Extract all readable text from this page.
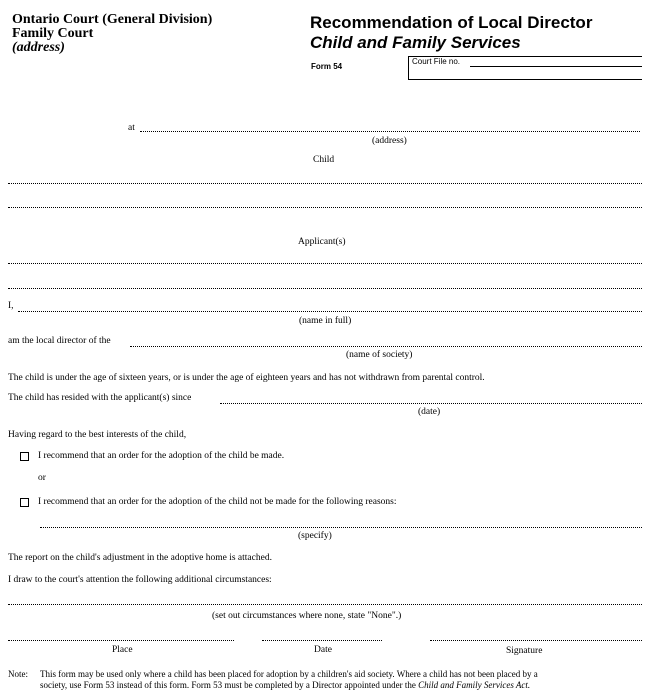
Ontario Court (General Division)
Family Court
(address)
Recommendation of Local Director
Child and Family Services
Form 54
Court File no.
at
(address)
Child
Applicant(s)
I,
(name in full)
am the local director of the
(name of society)
The child is under the age of sixteen years, or is under the age of eighteen years and has not withdrawn from parental control.
The child has resided with the applicant(s) since
(date)
Having regard to the best interests of the child,
I recommend that an order for the adoption of the child be made.
or
I recommend that an order for the adoption of the child not be made for the following reasons:
(specify)
The report on the child's adjustment in the adoptive home is attached.
I draw to the court's attention the following additional circumstances:
(set out circumstances where none, state "None".)
Place	Date	Signature
Note: This form may be used only where a child has been placed for adoption by a children's aid society. Where a child has not been placed by a
society, use Form 53 instead of this form. Form 53 must be completed by a Director appointed under the Child and Family Services Act.
